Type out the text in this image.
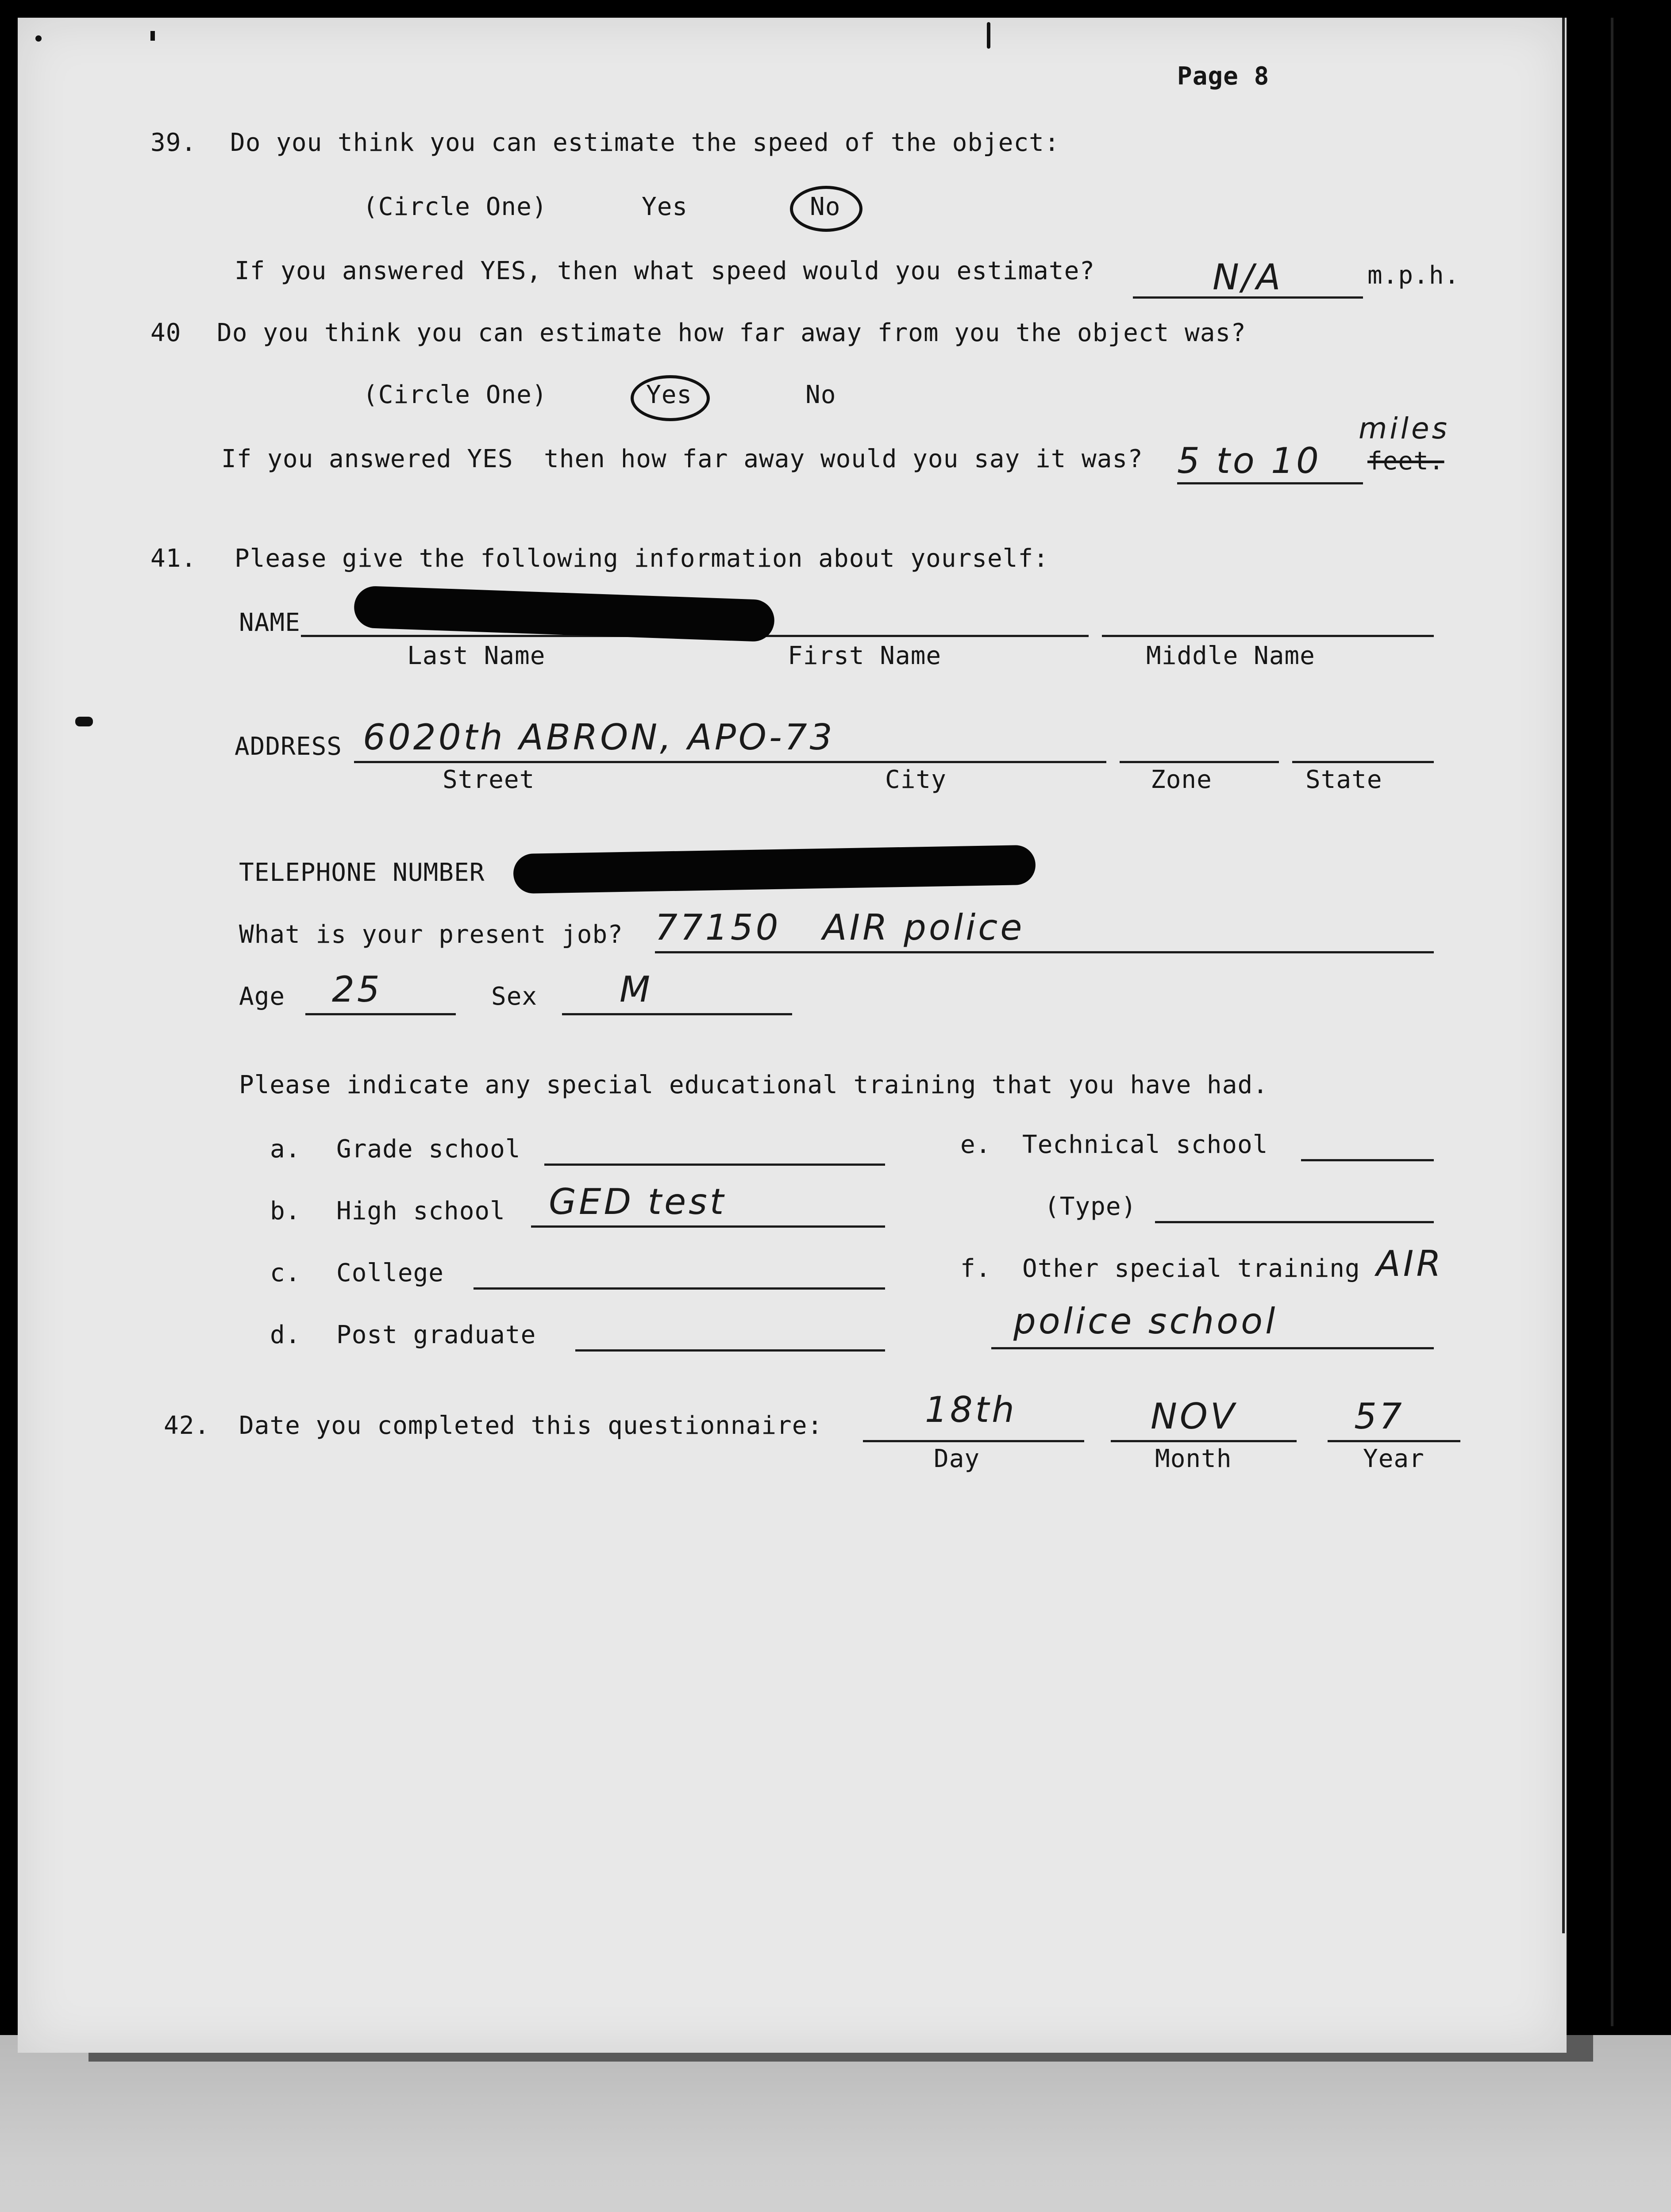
Page 8
39. Do you think you can estimate the speed of the object:
(Circle One)	Yes	No
If you answered YES, then what speed would you estimate?	N/A	m.p.h.
40 Do you think you can estimate how far away from you the object was?
(Circle One)	Yes	No
If you answered YES  then how far away would you say it was? 5 to 10
miles
feet.
41. Please give the following information about yourself:
NAME
Last Name	First Name	Middle Name
ADDRESS 6020th ABRON, APO-73
Street	City	Zone	State
TELEPHONE NUMBER
What is your present job? 77150   AIR police
Age 25	Sex M
Please indicate any special educational training that you have had.
a. Grade school
b. High school GED test
c. College
d. Post graduate
e. Technical school
(Type)
f. Other special training AIR
police school
42. Date you completed this questionnaire:	18th	NOV	57
Day	Month	Year
